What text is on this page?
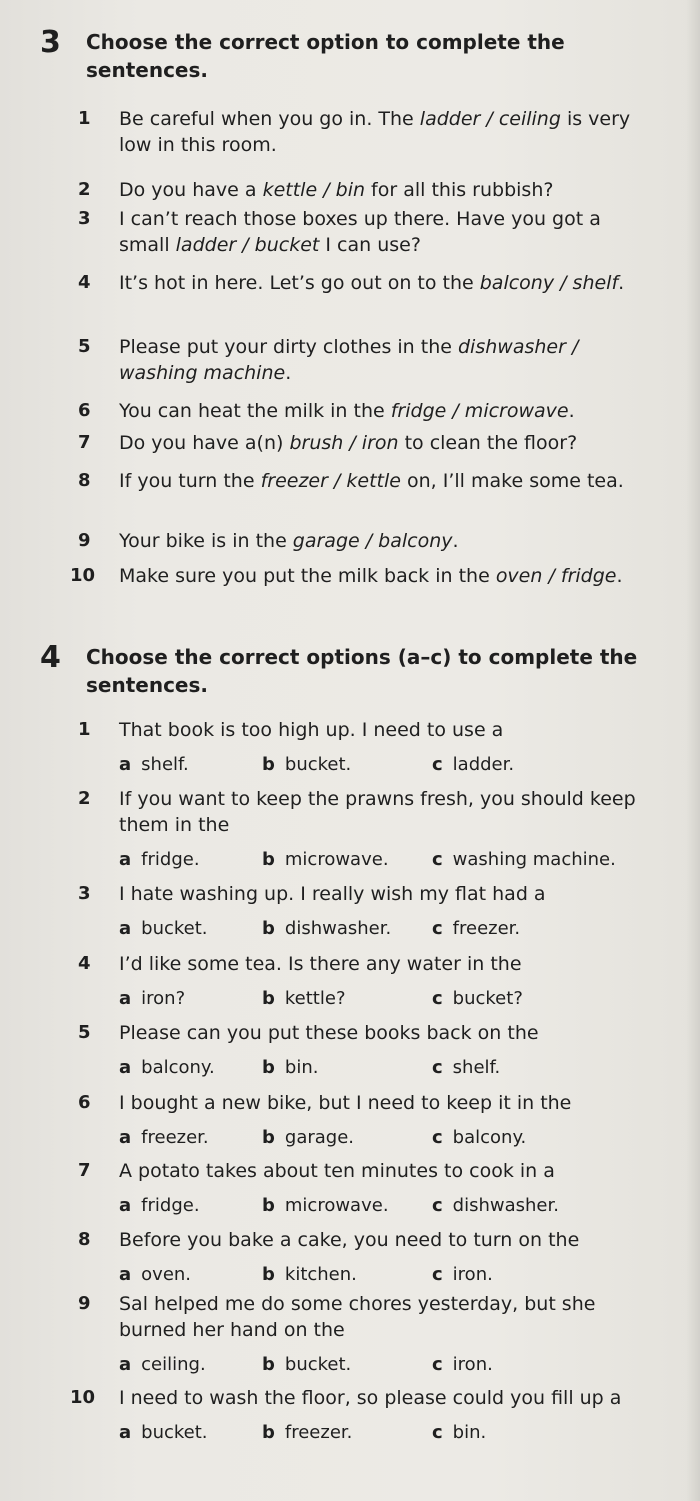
3 Choose the correct option to complete the sentences.
1	Be careful when you go in. The ladder / ceiling is very low in this room.
2	Do you have a kettle / bin for all this rubbish?
3	I can’t reach those boxes up there. Have you got a small ladder / bucket I can use?
4	It’s hot in here. Let’s go out on to the balcony / shelf.
5	Please put your dirty clothes in the dishwasher / washing machine.
6	You can heat the milk in the fridge / microwave.
7	Do you have a(n) brush / iron to clean the floor?
8	If you turn the freezer / kettle on, I’ll make some tea.
9	Your bike is in the garage / balcony.
10	Make sure you put the milk back in the oven / fridge.
4 Choose the correct options (a–c) to complete the sentences.
1	That book is too high up. I need to use a
a shelf.	b bucket.	c ladder.
2	If you want to keep the prawns fresh, you should keep them in the
a fridge.	b microwave. c washing machine.
3	I hate washing up. I really wish my flat had a
a bucket.	b dishwasher. c freezer.
4	I’d like some tea. Is there any water in the
a iron?	b kettle?	c bucket?
5	Please can you put these books back on the
a balcony.	b bin.	c shelf.
6	I bought a new bike, but I need to keep it in the
a freezer.	b garage.	c balcony.
7	A potato takes about ten minutes to cook in a
a fridge.	b microwave. c dishwasher.
8	Before you bake a cake, you need to turn on the
a oven.	b kitchen.	c iron.
9	Sal helped me do some chores yesterday, but she burned her hand on the
a ceiling.	b bucket.	c iron.
10	I need to wash the floor, so please could you fill up a
a bucket.	b freezer.	c bin.
